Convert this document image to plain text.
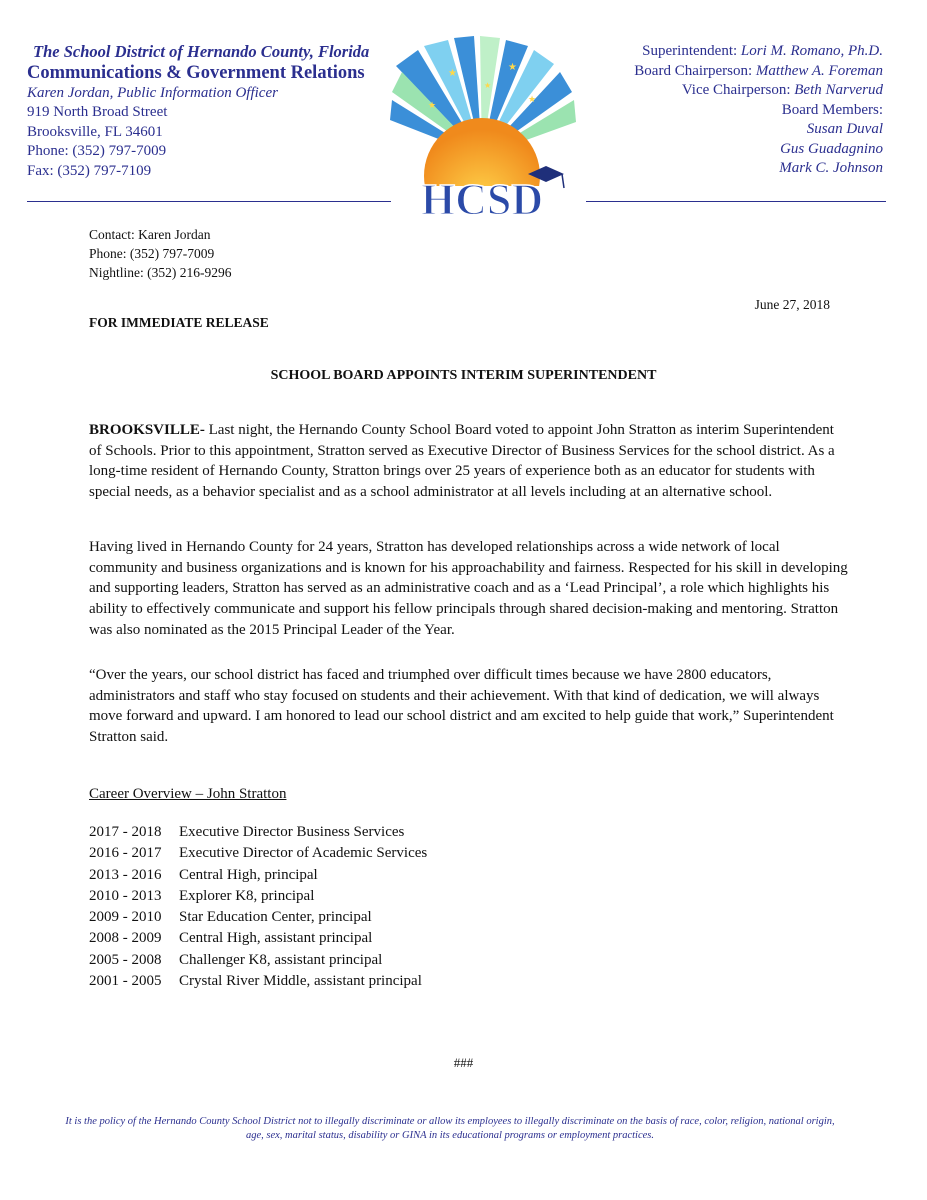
The School District of Hernando County, Florida
Communications & Government Relations
Karen Jordan, Public Information Officer
919 North Broad Street
Brooksville, FL 34601
Phone: (352) 797-7009
Fax: (352) 797-7109
★
★
★
★
★
HCSD
Superintendent: Lori M. Romano, Ph.D.
Board Chairperson: Matthew A. Foreman
Vice Chairperson: Beth Narverud
Board Members:
Susan Duval
Gus Guadagnino
Mark C. Johnson
Contact: Karen Jordan
Phone: (352) 797-7009
Nightline: (352) 216-9296
June 27, 2018
FOR IMMEDIATE RELEASE
SCHOOL BOARD APPOINTS INTERIM SUPERINTENDENT

BROOKSVILLE- Last night, the Hernando County School Board voted to appoint John Stratton as interim Superintendent of Schools. Prior to this appointment, Stratton served as Executive Director of Business Services for the school district. As a long-time resident of Hernando County, Stratton brings over 25 years of experience both as an educator for students with special needs, as a behavior specialist and as a school administrator at all levels including at an alternative school.

Having lived in Hernando County for 24 years, Stratton has developed relationships across a wide network of local community and business organizations and is known for his approachability and fairness. Respected for his skill in developing and supporting leaders, Stratton has served as an administrative coach and as a ‘Lead Principal’, a role which highlights his ability to effectively communicate and support his fellow principals through shared decision-making and mentoring. Stratton was also nominated as the 2015 Principal Leader of the Year.

“Over the years, our school district has faced and triumphed over difficult times because we have 2800 educators, administrators and staff who stay focused on students and their achievement. With that kind of dedication, we will always move forward and upward. I am honored to lead our school district and am excited to help guide that work,” Superintendent Stratton said.

Career Overview – John Stratton
2017 - 2018	Executive Director Business Services
2016 - 2017	Executive Director of Academic Services
2013 - 2016	Central High, principal
2010 - 2013	Explorer K8, principal
2009 - 2010	Star Education Center, principal
2008 - 2009	Central High, assistant principal
2005 - 2008	Challenger K8, assistant principal
2001 - 2005	Crystal River Middle, assistant principal
###
It is the policy of the Hernando County School District not to illegally discriminate or allow its employees to illegally discriminate on the basis of race, color, religion, national origin, age, sex, marital status, disability or GINA in its educational programs or employment practices.
